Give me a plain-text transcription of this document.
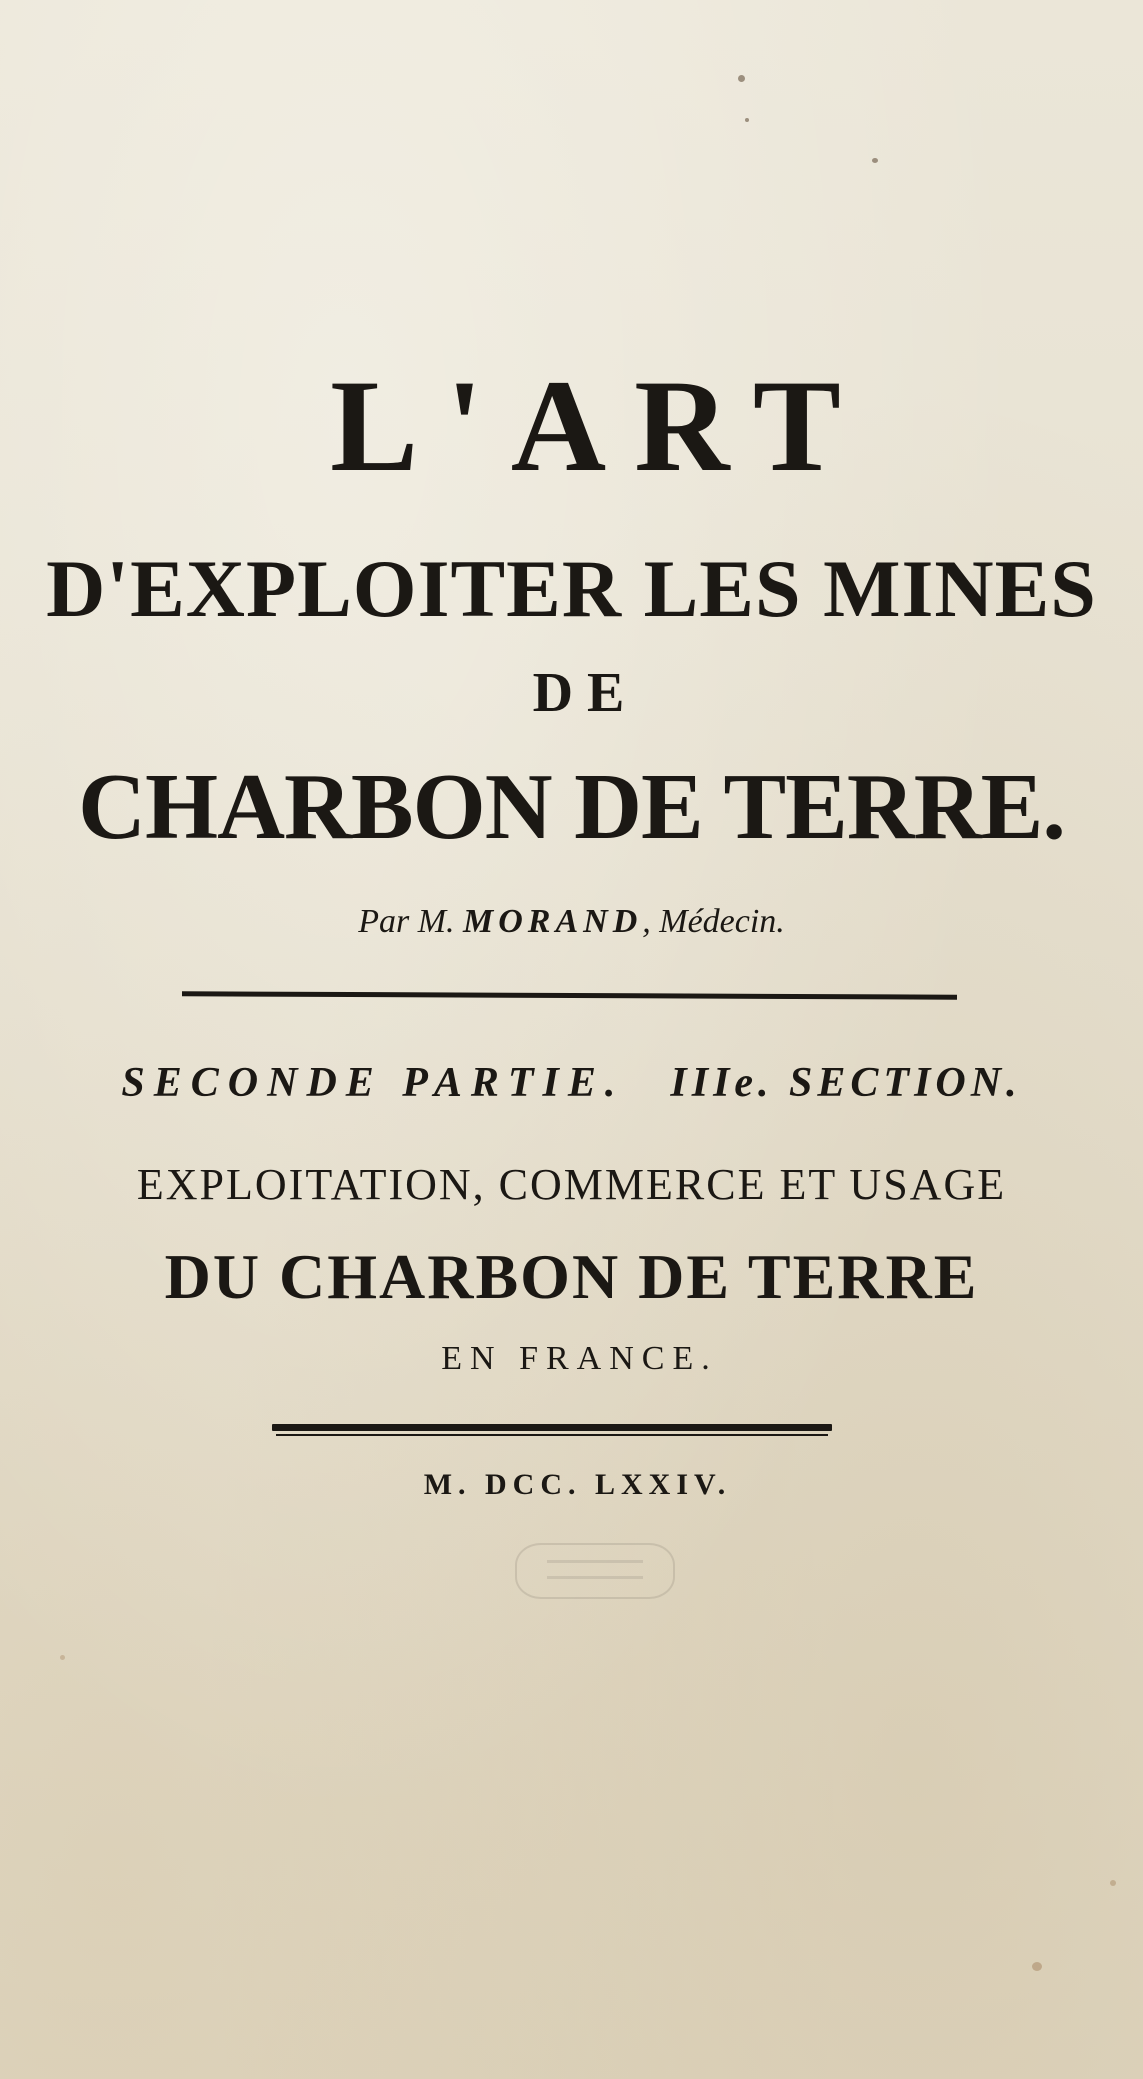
L'ART
D'EXPLOITER LES MINES
DE
CHARBON DE TERRE.
Par M. MORAND, Médecin.
SECONDE PARTIE. IIIe. SECTION.
EXPLOITATION, COMMERCE ET USAGE
DU CHARBON DE TERRE
EN FRANCE.
M. DCC. LXXIV.
